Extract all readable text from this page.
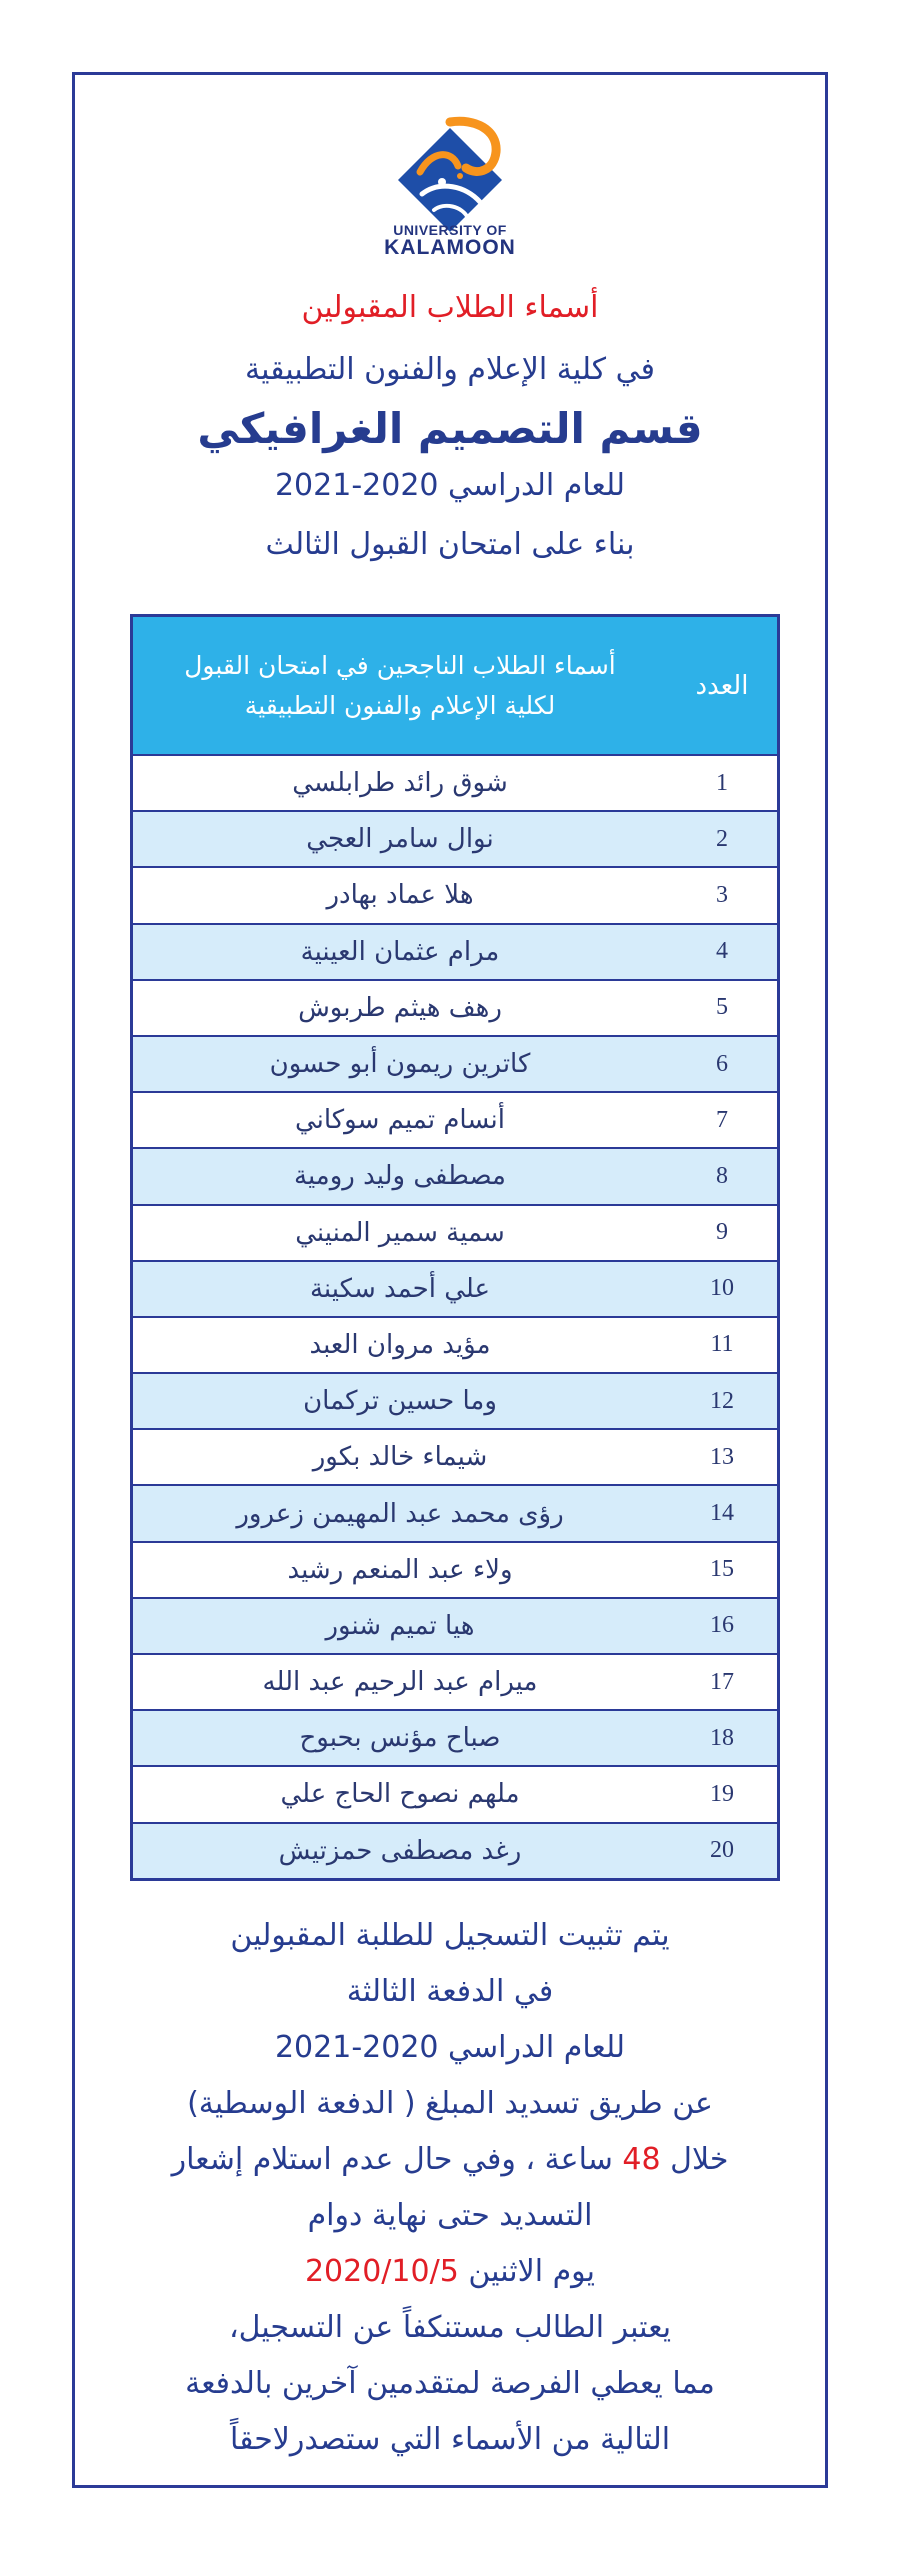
UNIVERSITY OF
KALAMOON
أسماء الطلاب المقبولين
في كلية الإعلام والفنون التطبيقية
قسم التصميم الغرافيكي
للعام الدراسي 2020-2021
بناء على امتحان القبول الثالث
العدد	أسماء الطلاب الناجحين في امتحان القبول
لكلية الإعلام والفنون التطبيقية

1	شوق رائد طرابلسي
2	نوال سامر العجي
3	هلا عماد بهادر
4	مرام عثمان العينية
5	رهف هيثم طربوش
6	كاترين ريمون أبو حسون
7	أنسام تميم سوكاني
8	مصطفى وليد رومية
9	سمية سمير المنيني
10	علي أحمد سكينة
11	مؤيد مروان العبد
12	وما حسين تركمان
13	شيماء خالد بكور
14	رؤى محمد عبد المهيمن زعرور
15	ولاء عبد المنعم رشيد
16	هيا تميم شنور
17	ميرام عبد الرحيم عبد الله
18	صباح مؤنس بحبوح
19	ملهم نصوح الحاج علي
20	رغد مصطفى حمزتيش
يتم تثبيت التسجيل للطلبة المقبولين
في الدفعة الثالثة
للعام الدراسي 2020-2021
عن طريق تسديد المبلغ ( الدفعة الوسطية)
خلال 48 ساعة ، وفي حال عدم استلام إشعار
التسديد حتى نهاية دوام
يوم الاثنين 2020/10/5
يعتبر الطالب مستنكفاً عن التسجيل،
مما يعطي الفرصة لمتقدمين آخرين بالدفعة
التالية من الأسماء التي ستصدرلاحقاً
